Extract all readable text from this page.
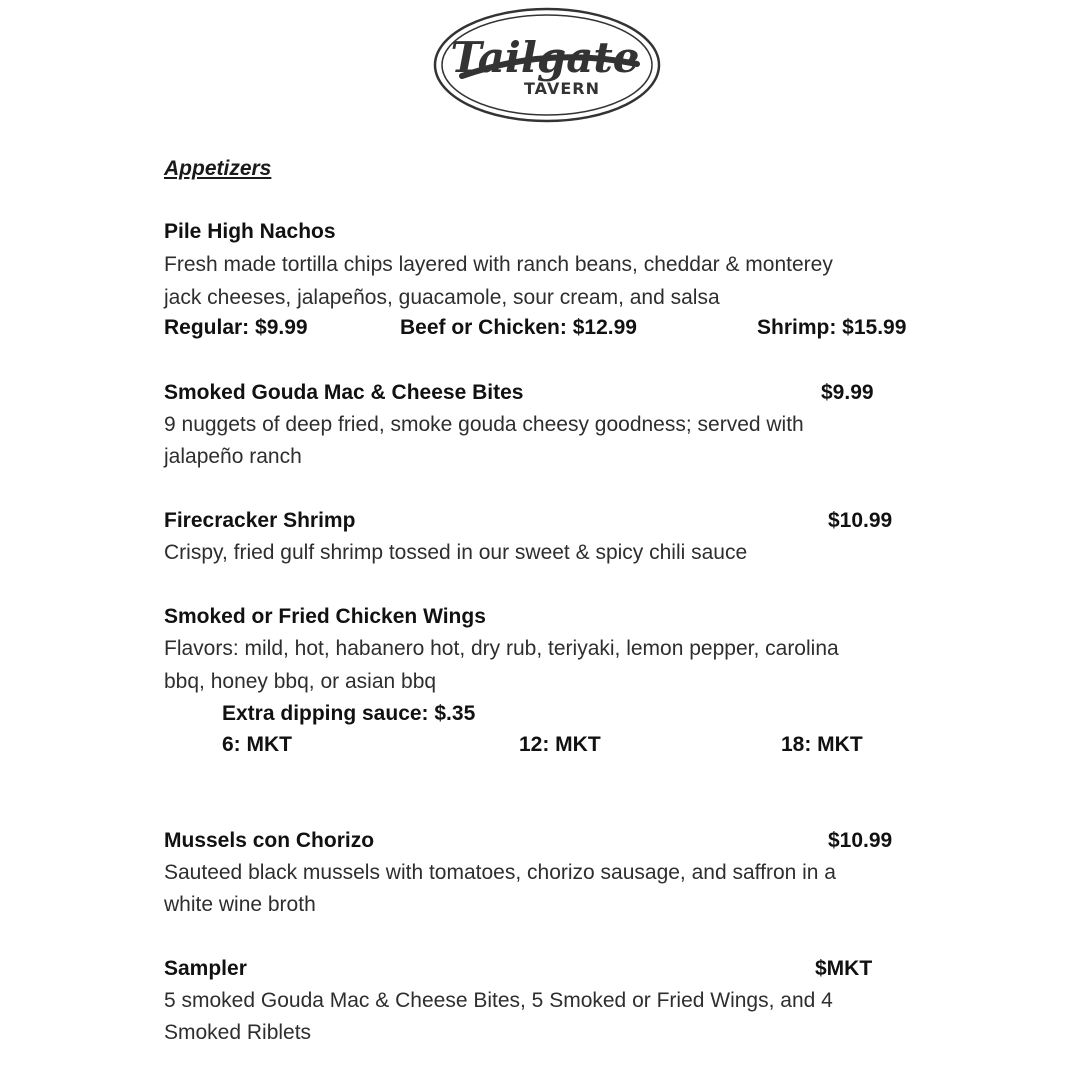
Tailgate
TAVERN
Appetizers
Pile High Nachos
Fresh made tortilla chips layered with ranch beans, cheddar & monterey
jack cheeses, jalapeños, guacamole, sour cream, and salsa
Regular: $9.99	Beef or Chicken: $12.99	Shrimp: $15.99
Smoked Gouda Mac & Cheese Bites	$9.99
9 nuggets of deep fried, smoke gouda cheesy goodness; served with
jalapeño ranch
Firecracker Shrimp	$10.99
Crispy, fried gulf shrimp tossed in our sweet & spicy chili sauce
Smoked or Fried Chicken Wings
Flavors: mild, hot, habanero hot, dry rub, teriyaki, lemon pepper, carolina
bbq, honey bbq, or asian bbq
Extra dipping sauce: $.35
6: MKT	12: MKT	18: MKT
Mussels con Chorizo	$10.99
Sauteed black mussels with tomatoes, chorizo sausage, and saffron in a
white wine broth
Sampler	$MKT
5 smoked Gouda Mac & Cheese Bites, 5 Smoked or Fried Wings, and 4
Smoked Riblets
